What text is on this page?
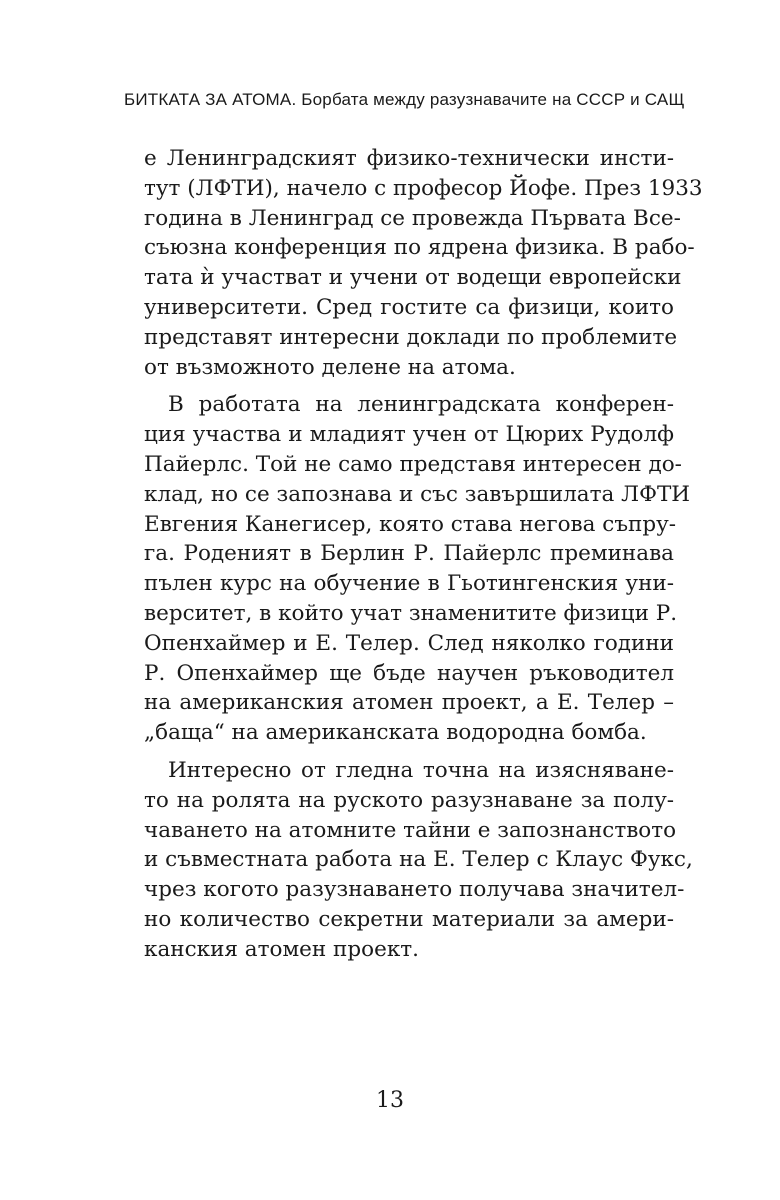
БИТКАТА ЗА АТОМА. Борбата между разузнавачите на СССР и САЩ
е Ленинградският физико-технически инсти-
тут (ЛФТИ), начело с професор Йофе. През 1933
година в Ленинград се провежда Първата Все-
съюзна конференция по ядрена физика. В рабо-
тата ѝ участват и учени от водещи европейски
университети. Сред гостите са физици, които
представят интересни доклади по проблемите
от възможното делене на атома.
В работата на ленинградската конферен-
ция участва и младият учен от Цюрих Рудолф
Пайерлс. Той не само представя интересен до-
клад, но се запознава и със завършилата ЛФТИ
Евгения Канегисер, която става негова съпру-
га. Роденият в Берлин Р. Пайерлс преминава
пълен курс на обучение в Гьотингенския уни-
верситет, в който учат знаменитите физици Р.
Опенхаймер и Е. Телер. След няколко години
Р. Опенхаймер ще бъде научен ръководител
на американския атомен проект, а Е. Телер –
„баща“ на американската водородна бомба.
Интересно от гледна точна на изясняване-
то на ролята на руското разузнаване за полу-
чаването на атомните тайни е запознанството
и съвместната работа на Е. Телер с Клаус Фукс,
чрез когото разузнаването получава значител-
но количество секретни материали за амери-
канския атомен проект.
13
